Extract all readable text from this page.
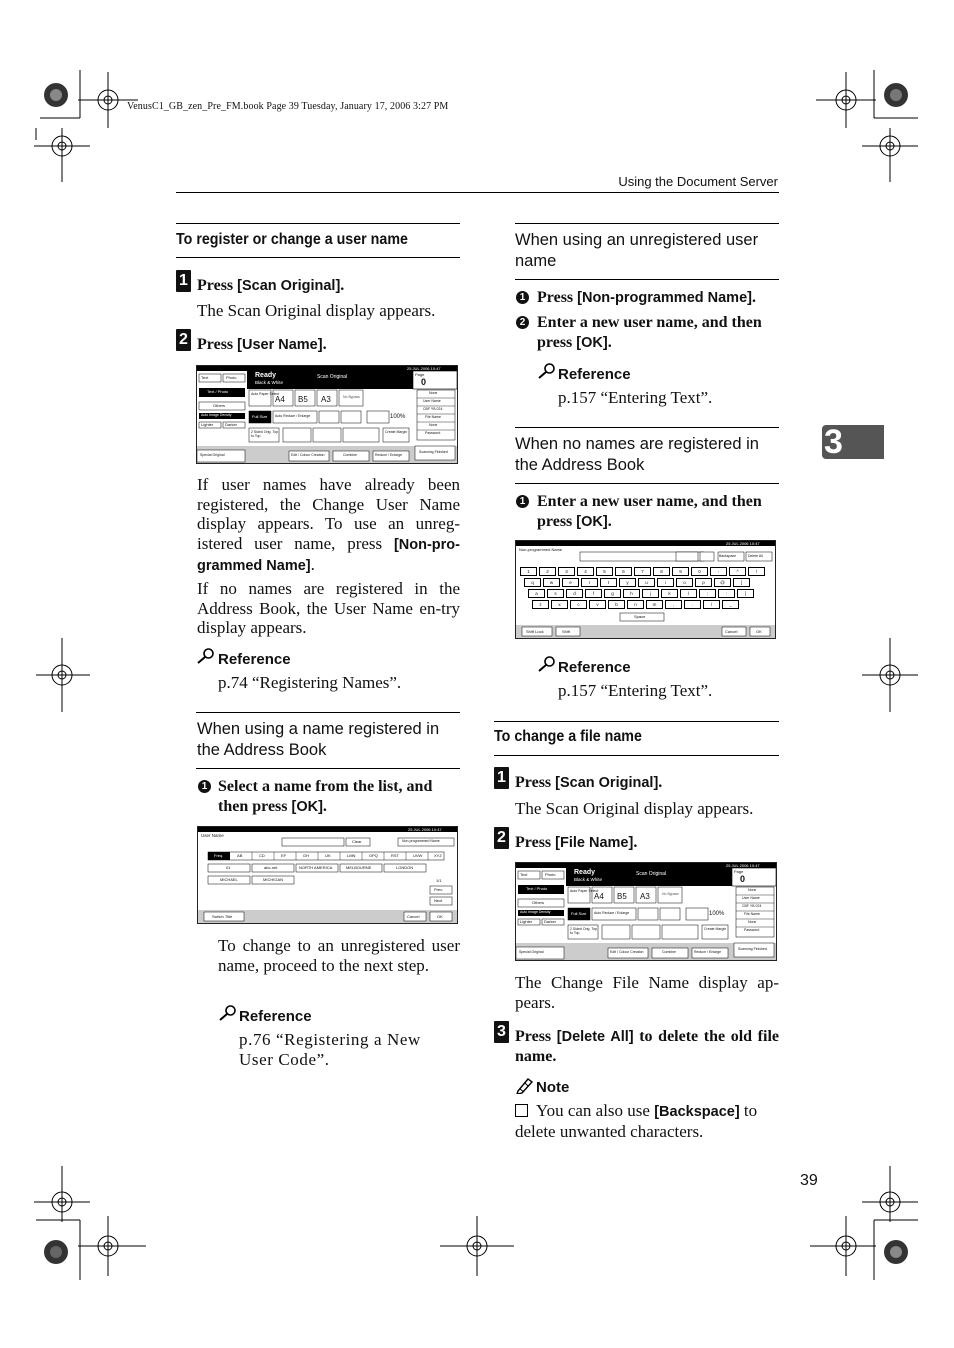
VenusC1_GB_zen_Pre_FM.book Page 39 Tuesday, January 17, 2006 3:27 PM
Using the Document Server
3
To register or change a user name
1 Press [Scan Original].
The Scan Original display appears.
2 Press [User Name].
Ready
Black & White
Scan Original
25 JUL 2006 10:47
Page
0
Text	Photo
Text / Photo
Others
Auto Image Density
Lighter	Darker
A4 B5 A3
Auto Paper Select
No Bypass
Full Size Auto Reduce / Enlarge	100%
2 Sided Orig. Top to Top
Create Margin
Edit / Colour Creation	Combine	Reduce / Enlarge
Special Original
Scanning Finished
None
User Name
CBF YB 024
File Name
None
Password
If user names have already been registered, the Change User Name display appears. To use an unreg-istered user name, press [Non-pro-grammed Name].
If no names are registered in the Address Book, the User Name en-try display appears.
Reference
p.74 “Registering Names”.
When using a name registered in the Address Book
1 Select a name from the list, and then press [OK].
User Name
25 JUL 2006 10:47
Clear	Non-programmed Name
Freq.	AB	CD	EF	GH	IJK	LMN	OPQ	RST	UVW	XYZ
01	abc-net	NORTH AMERICA	MELBOURNE	LONDON
MICHAEL	MICHIGAN	1/1
Prev.
Next
Switch Title	Cancel	OK
To change to an unregistered user name, proceed to the next step.
Reference
p.76 “Registering a New User Code”.
When using an unregistered user name
1 Press [Non-programmed Name].
2 Enter a new user name, and then press [OK].
Reference
p.157 “Entering Text”.
When no names are registered in the Address Book
1 Enter a new user name, and then press [OK].
1	2	3	4	5	6	7	8	9	0	-	^	\
q	w	e	r	t	y	u	i	o	p	@	[
a	s	d	f	g	h	j	k	l	;	:	]
z	x	c	v	b	n	m	,	.	/	_
Non-programmed Name
25 JUL 2006 10:47
Backspace	Delete All
Shift Lock	Shift
Space
Cancel	OK
Reference
p.157 “Entering Text”.
To change a file name
1 Press [Scan Original].
The Scan Original display appears.
2 Press [File Name].
Ready
Black & White
Scan Original
25 JUL 2006 10:47
Page
0
Text	Photo
Text / Photo
Others
Auto Image Density
Lighter	Darker
A4 B5 A3
Auto Paper Select
No Bypass
Full Size Auto Reduce / Enlarge	100%
2 Sided Orig. Top to Top
Create Margin
Edit / Colour Creation	Combine	Reduce / Enlarge
Special Original
Scanning Finished
None
User Name
CBF YB 024
File Name
None
Password
The Change File Name display ap-pears.
3 Press [Delete All] to delete the old file name.
Note
You can also use [Backspace] to delete unwanted characters.
39
